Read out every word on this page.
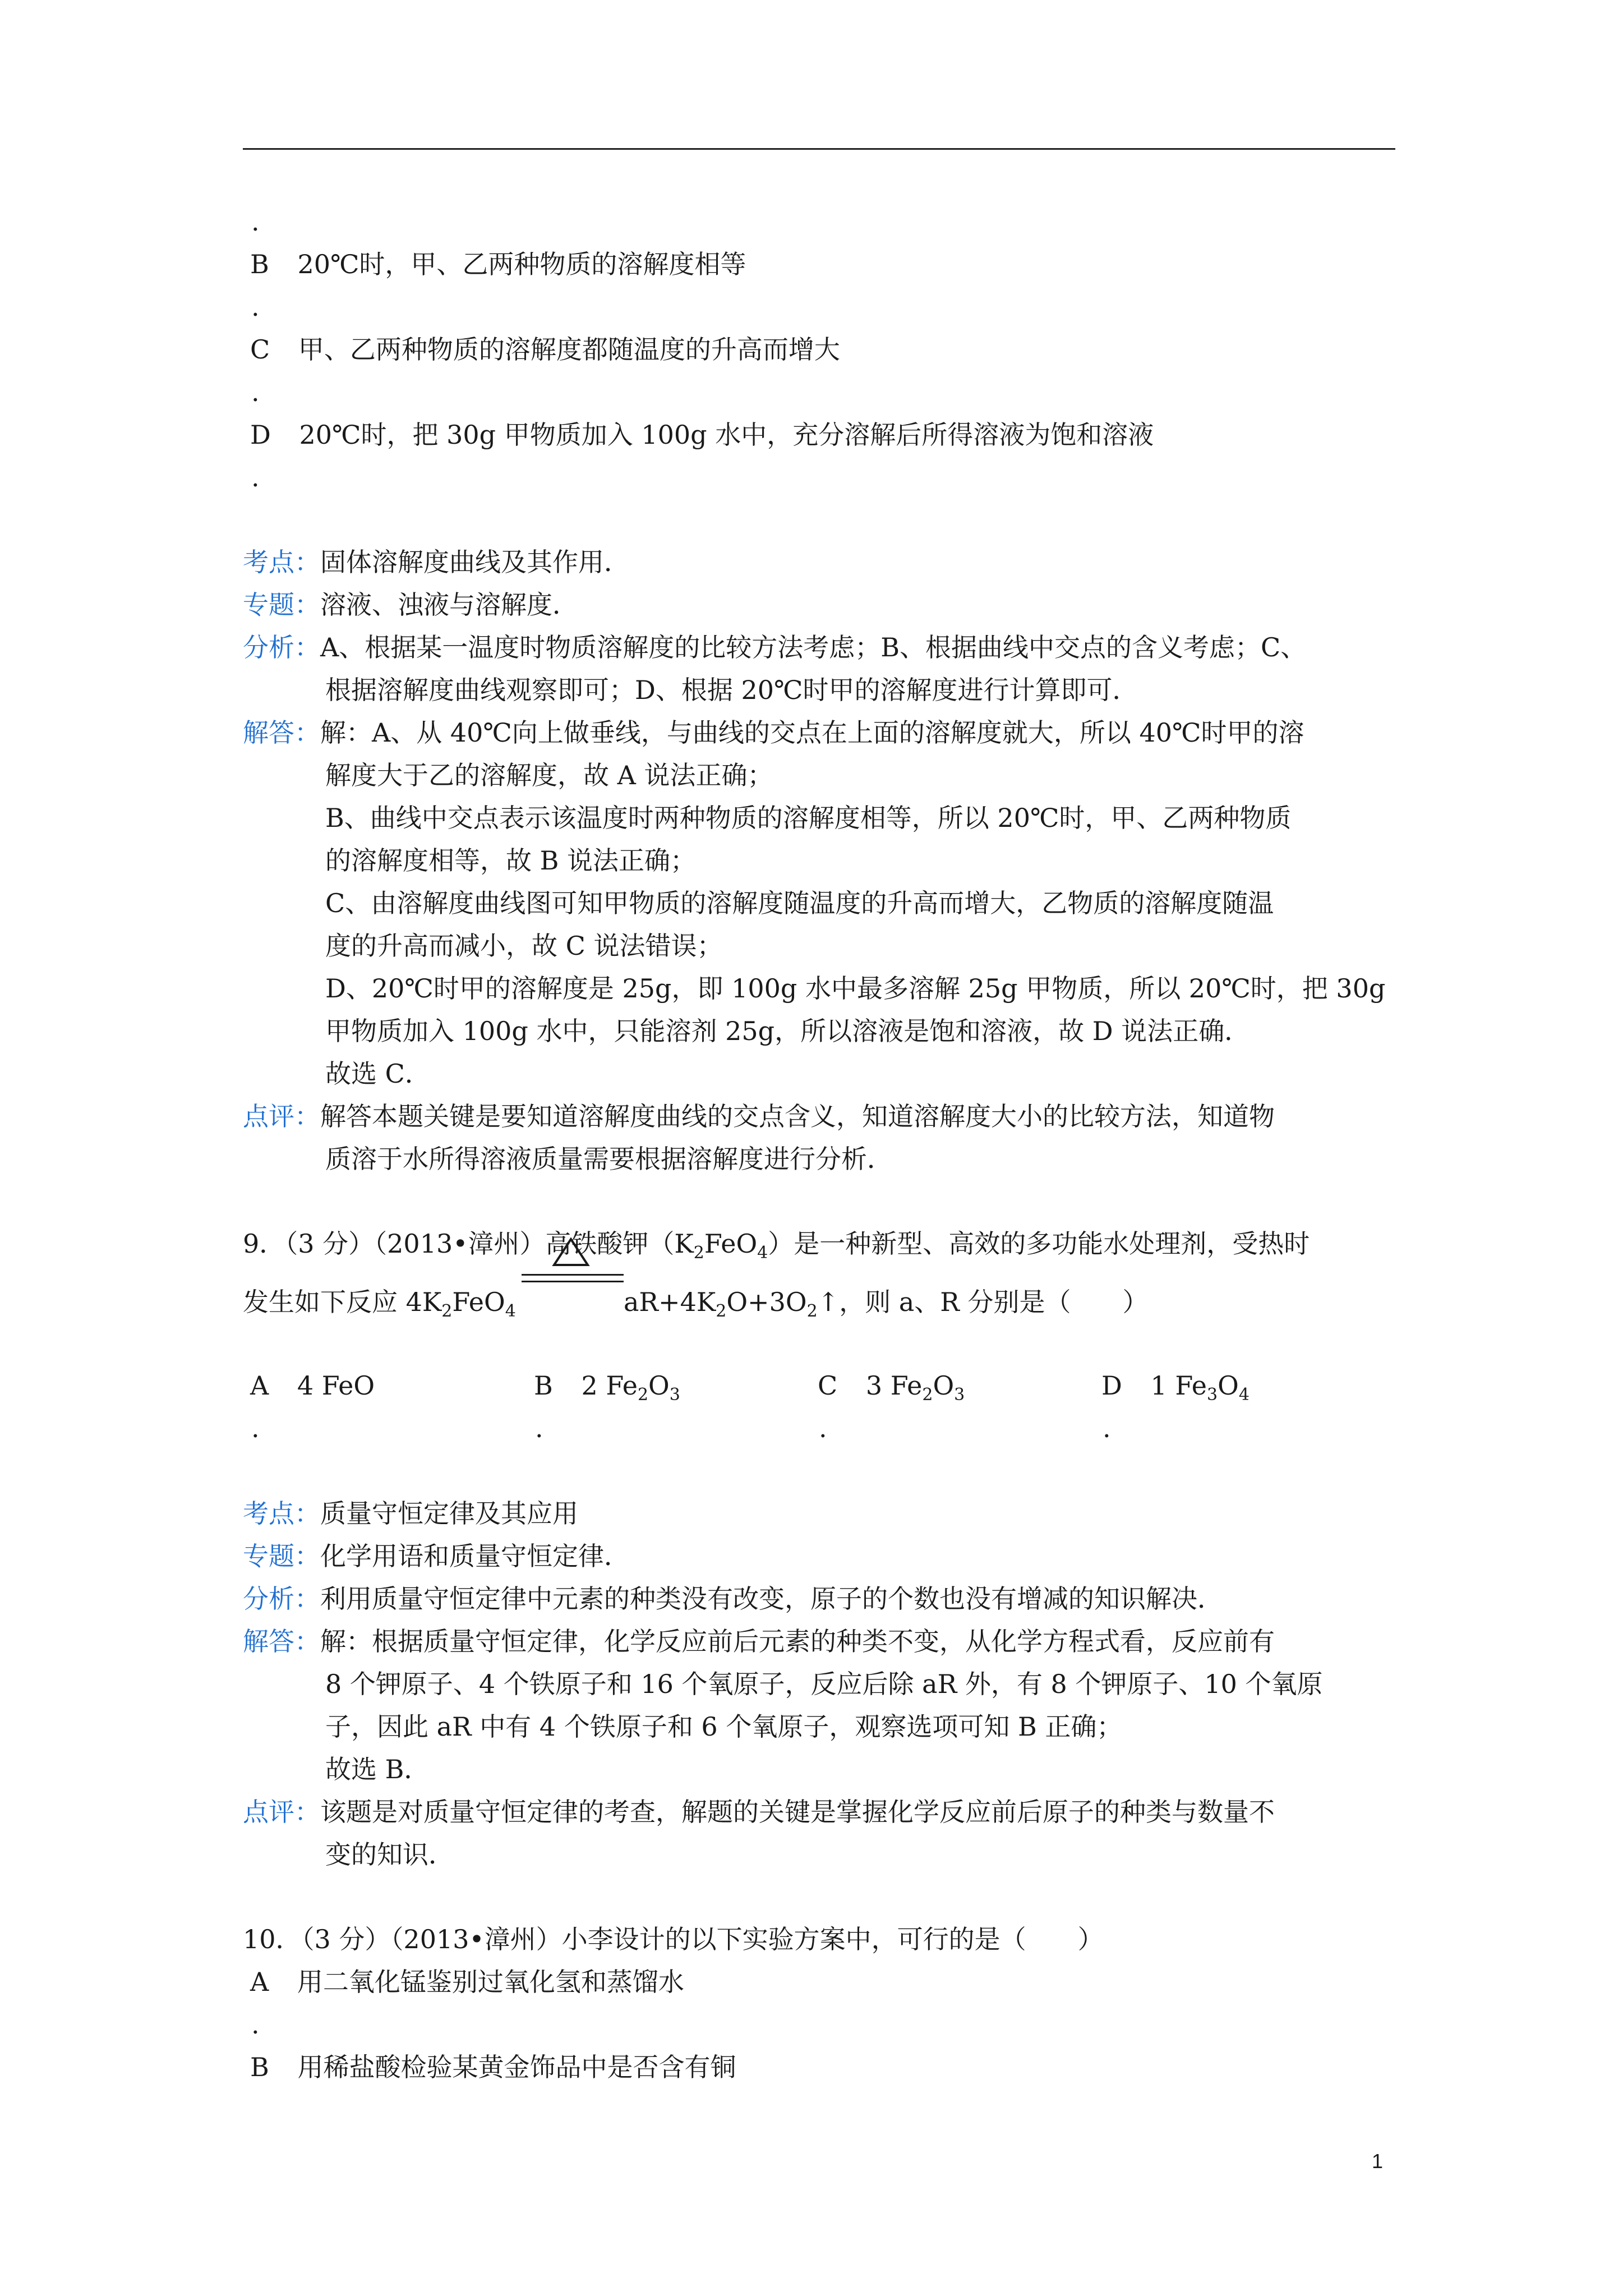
.
B 20℃时，甲、乙两种物质的溶解度相等
.
C 甲、乙两种物质的溶解度都随温度的升高而增大
.
D 20℃时，把 30g 甲物质加入 100g 水中，充分溶解后所得溶液为饱和溶液
.
考点：固体溶解度曲线及其作用．
专题：溶液、浊液与溶解度．
分析：A、根据某一温度时物质溶解度的比较方法考虑；B、根据曲线中交点的含义考虑；C、
根据溶解度曲线观察即可；D、根据 20℃时甲的溶解度进行计算即可．
解答：解：A、从 40℃向上做垂线，与曲线的交点在上面的溶解度就大，所以 40℃时甲的溶
解度大于乙的溶解度，故 A 说法正确；
B、曲线中交点表示该温度时两种物质的溶解度相等，所以 20℃时，甲、乙两种物质
的溶解度相等，故 B 说法正确；
C、由溶解度曲线图可知甲物质的溶解度随温度的升高而增大，乙物质的溶解度随温
度的升高而减小，故 C 说法错误；
D、20℃时甲的溶解度是 25g，即 100g 水中最多溶解 25g 甲物质，所以 20℃时，把 30g
甲物质加入 100g 水中，只能溶剂 25g，所以溶液是饱和溶液，故 D 说法正确．
故选 C．
点评：解答本题关键是要知道溶解度曲线的交点含义，知道溶解度大小的比较方法，知道物
质溶于水所得溶液质量需要根据溶解度进行分析．
9．（3 分）（2013•漳州）高铁酸钾$(K_2FeO_4)$是一种新型、高效的多功能水处理剂，受热时
发生如下反应 $4K_2FeO_4$	$aR+4K_2O+3O_2↑$，则 a、R 分别是（　　）
A 4 FeO	B 2 $Fe_2O_3$	C 3 $Fe_2O_3$	D 1 $Fe_3O_4$
.	.	.	.
考点：质量守恒定律及其应用
专题：化学用语和质量守恒定律．
分析：利用质量守恒定律中元素的种类没有改变，原子的个数也没有增减的知识解决．
解答：解：根据质量守恒定律，化学反应前后元素的种类不变，从化学方程式看，反应前有
8 个钾原子、4 个铁原子和 16 个氧原子，反应后除 aR 外，有 8 个钾原子、10 个氧原
子，因此 aR 中有 4 个铁原子和 6 个氧原子，观察选项可知 B 正确；
故选 B．
点评：该题是对质量守恒定律的考查，解题的关键是掌握化学反应前后原子的种类与数量不
变的知识．
10．（3 分）（2013•漳州）小李设计的以下实验方案中，可行的是（　　）
A 用二氧化锰鉴别过氧化氢和蒸馏水
.
B 用稀盐酸检验某黄金饰品中是否含有铜
1
